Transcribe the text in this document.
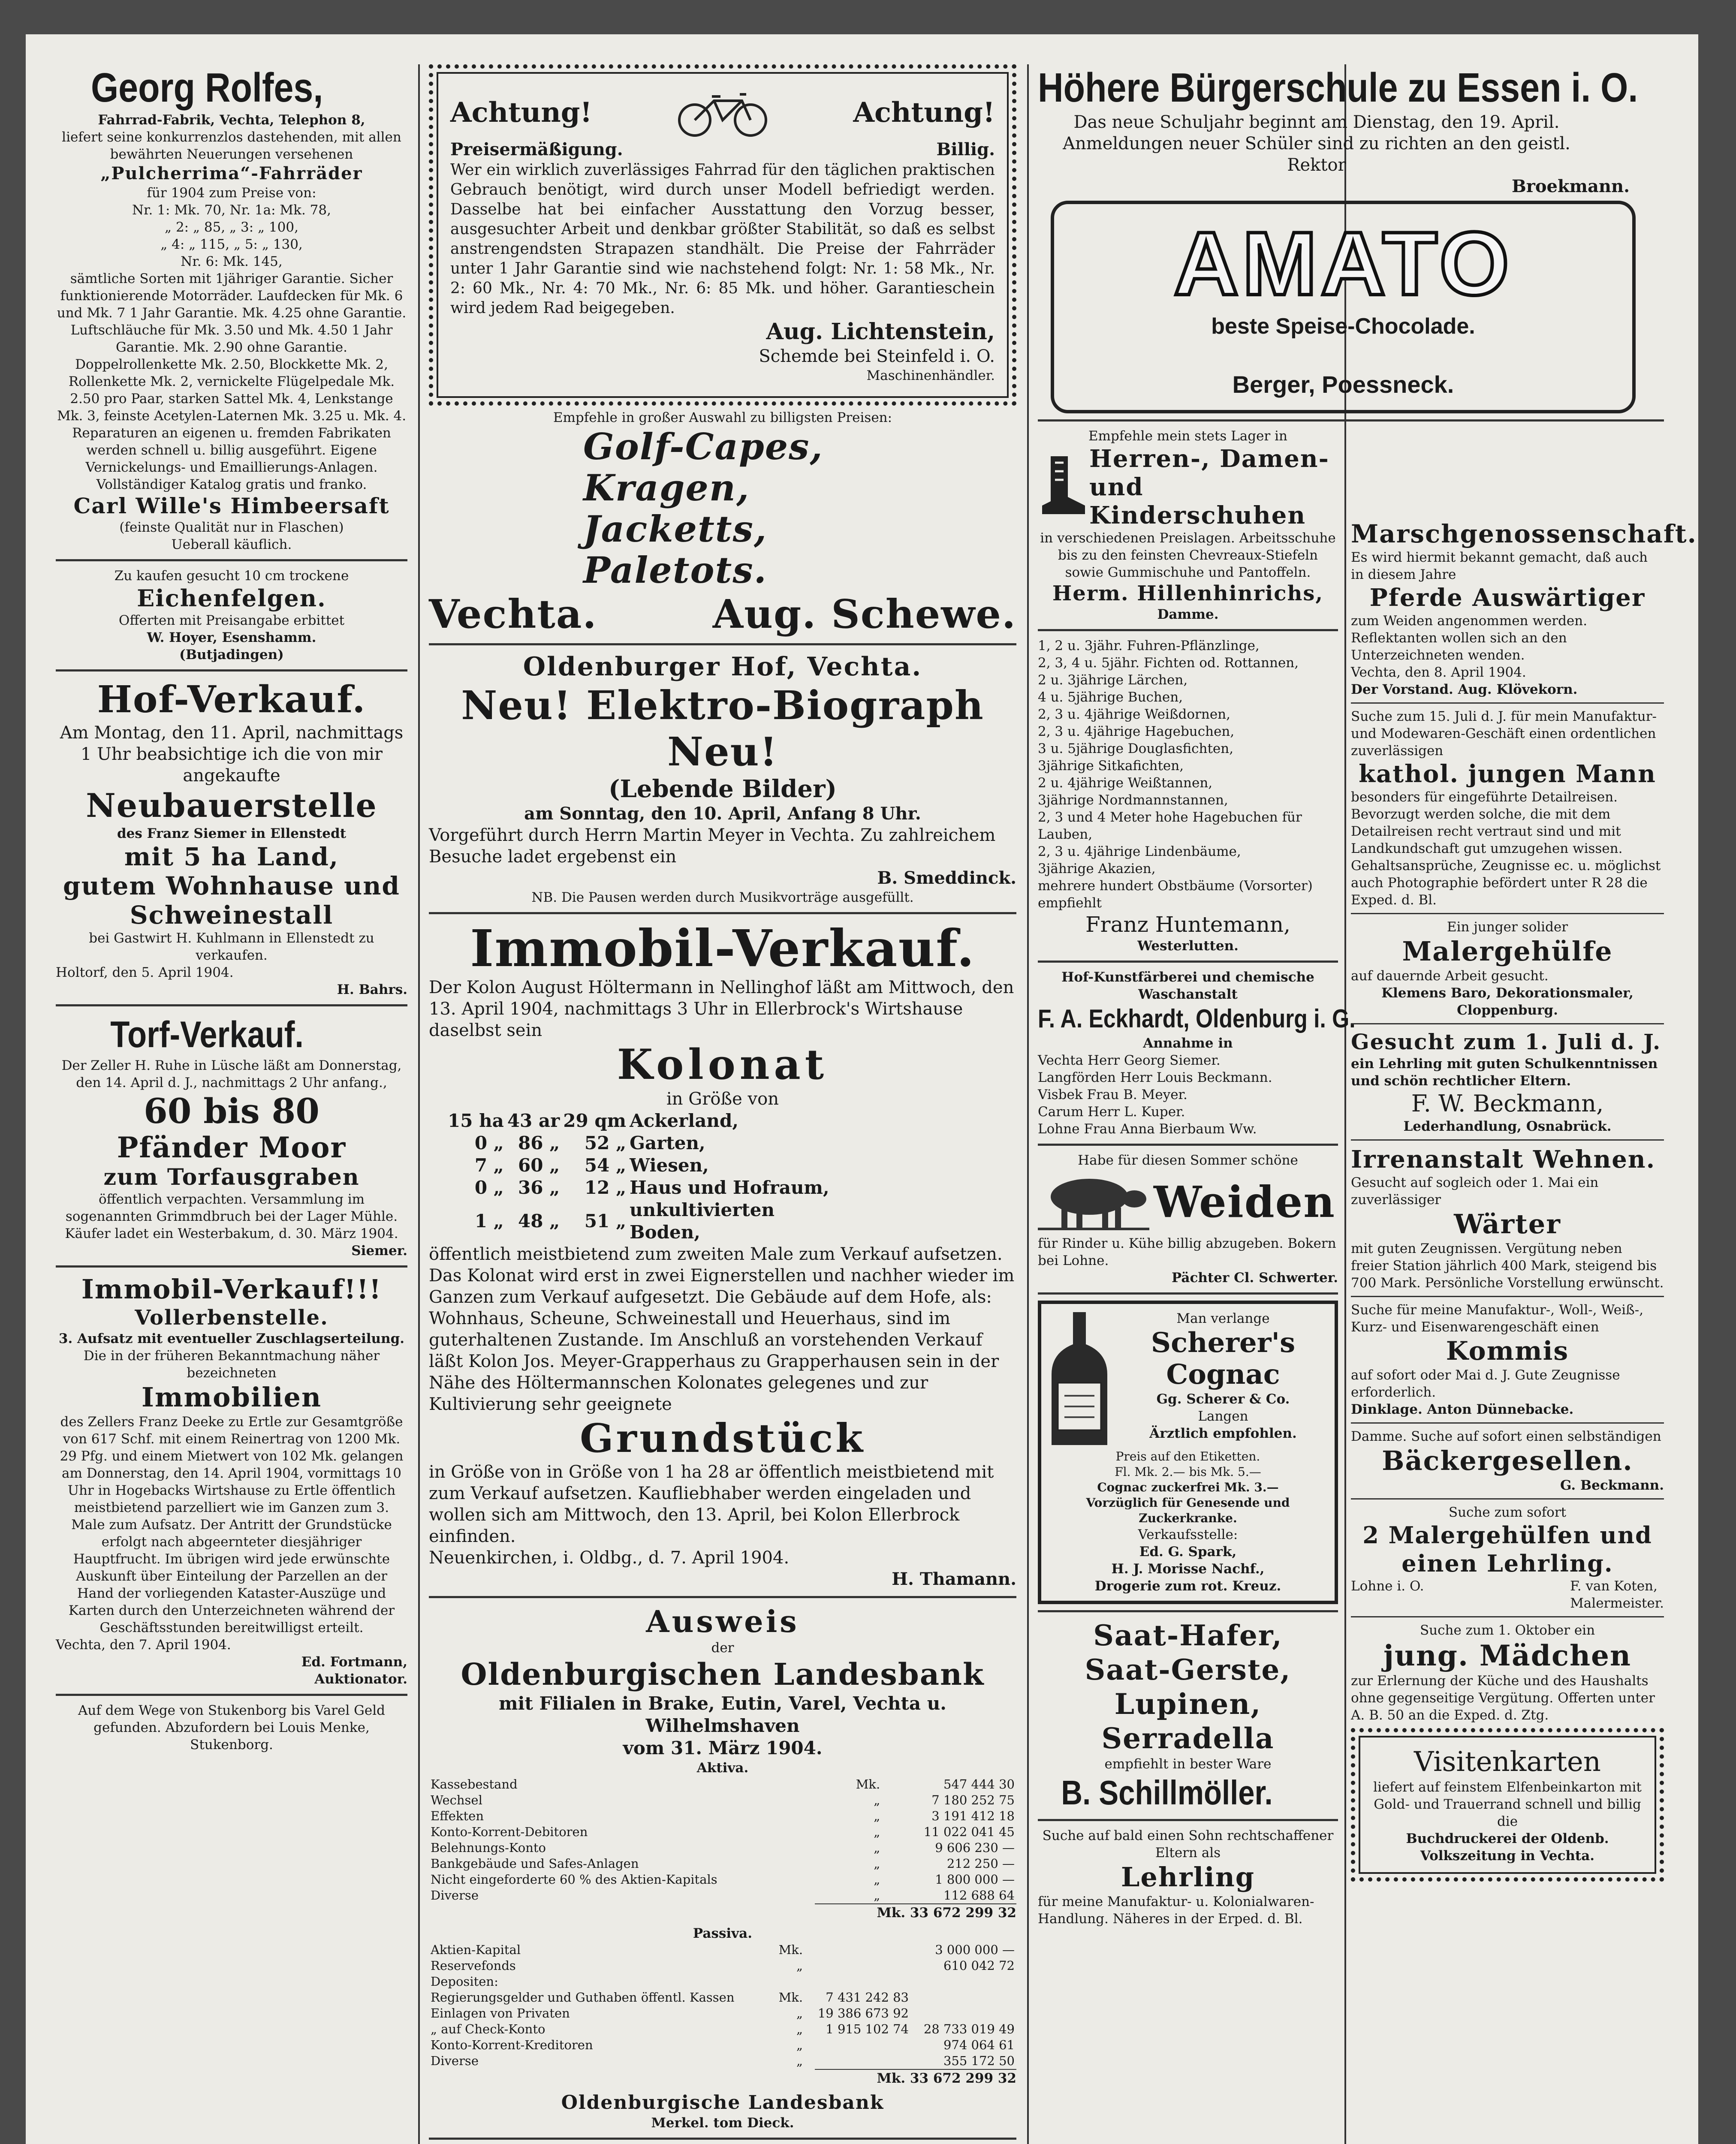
Georg Rolfes,
Fahrrad-Fabrik, Vechta, Telephon 8,
liefert seine konkurrenzlos dastehenden, mit allen bewährten Neuerungen versehenen
„Pulcherrima“-Fahrräder
für 1904 zum Preise von:
Nr. 1: Mk. 70, Nr. 1a: Mk. 78,
„ 2: „ 85, „ 3: „ 100,
„ 4: „ 115, „ 5: „ 130,
Nr. 6: Mk. 145,
sämtliche Sorten mit 1jähriger Garantie. Sicher funktionierende Motorräder. Laufdecken für Mk. 6 und Mk. 7 1 Jahr Garantie. Mk. 4.25 ohne Garantie. Luftschläuche für Mk. 3.50 und Mk. 4.50 1 Jahr Garantie. Mk. 2.90 ohne Garantie. Doppelrollenkette Mk. 2.50, Blockkette Mk. 2, Rollenkette Mk. 2, vernickelte Flügelpedale Mk. 2.50 pro Paar, starken Sattel Mk. 4, Lenkstange Mk. 3, feinste Acetylen-Laternen Mk. 3.25 u. Mk. 4.
Reparaturen an eigenen u. fremden Fabrikaten werden schnell u. billig ausgeführt. Eigene Vernickelungs- und Emaillierungs-Anlagen. Vollständiger Katalog gratis und franko.
Carl Wille's Himbeersaft
(feinste Qualität nur in Flaschen)
Ueberall käuflich.
Zu kaufen gesucht 10 cm trockene
Eichenfelgen.
Offerten mit Preisangabe erbittet
W. Hoyer, Esenshamm.
(Butjadingen)
Hof-Verkauf.
Am Montag, den 11. April, nachmittags 1 Uhr beabsichtige ich die von mir angekaufte
Neubauerstelle
des Franz Siemer in Ellenstedt
mit 5 ha Land,
gutem Wohnhause und
Schweinestall
bei Gastwirt H. Kuhlmann in Ellenstedt zu verkaufen.
Holtorf, den 5. April 1904.
H. Bahrs.
Torf-Verkauf.
Der Zeller H. Ruhe in Lüsche läßt am Donnerstag, den 14. April d. J., nachmittags 2 Uhr anfang.,
60 bis 80
Pfänder Moor
zum Torfausgraben
öffentlich verpachten. Versammlung im sogenannten Grimmdbruch bei der Lager Mühle. Käufer ladet ein Westerbakum, d. 30. März 1904.
Siemer.
Immobil-Verkauf!!!
Vollerbenstelle.
3. Aufsatz mit eventueller Zuschlagserteilung.
Die in der früheren Bekanntmachung näher bezeichneten
Immobilien
des Zellers Franz Deeke zu Ertle zur Gesamtgröße von 617 Schf. mit einem Reinertrag von 1200 Mk. 29 Pfg. und einem Mietwert von 102 Mk. gelangen am Donnerstag, den 14. April 1904, vormittags 10 Uhr in Hogebacks Wirtshause zu Ertle öffentlich meistbietend parzelliert wie im Ganzen zum 3. Male zum Aufsatz. Der Antritt der Grundstücke erfolgt nach abgeernteter diesjähriger Hauptfrucht. Im übrigen wird jede erwünschte Auskunft über Einteilung der Parzellen an der Hand der vorliegenden Kataster-Auszüge und Karten durch den Unterzeichneten während der Geschäftsstunden bereitwilligst erteilt.
Vechta, den 7. April 1904.
Ed. Fortmann,
Auktionator.
Auf dem Wege von Stukenborg bis Varel Geld gefunden. Abzufordern bei Louis Menke, Stukenborg.
Achtung!	Achtung!
Preisermäßigung.	Billig.
Wer ein wirklich zuverlässiges Fahrrad für den täglichen praktischen Gebrauch benötigt, wird durch unser Modell befriedigt werden. Dasselbe hat bei einfacher Ausstattung den Vorzug besser, ausgesuchter Arbeit und denkbar größter Stabilität, so daß es selbst anstrengendsten Strapazen standhält. Die Preise der Fahrräder unter 1 Jahr Garantie sind wie nachstehend folgt: Nr. 1: 58 Mk., Nr. 2: 60 Mk., Nr. 4: 70 Mk., Nr. 6: 85 Mk. und höher. Garantieschein wird jedem Rad beigegeben.
Aug. Lichtenstein,
Schemde bei Steinfeld i. O.
Maschinenhändler.
Empfehle in großer Auswahl zu billigsten Preisen:
Golf-Capes,
Kragen,
Jacketts,
Paletots.
Vechta.	Aug. Schewe.
Oldenburger Hof, Vechta.
Neu! Elektro-Biograph Neu!
(Lebende Bilder)
am Sonntag, den 10. April, Anfang 8 Uhr.
Vorgeführt durch Herrn Martin Meyer in Vechta. Zu zahlreichem Besuche ladet ergebenst ein
B. Smeddinck.
NB. Die Pausen werden durch Musikvorträge ausgefüllt.
Immobil-Verkauf.
Der Kolon August Höltermann in Nellinghof läßt am Mittwoch, den 13. April 1904, nachmittags 3 Uhr in Ellerbrock's Wirtshause daselbst sein
Kolonat
in Größe von
15 ha	43 ar	29 qm	Ackerland,
0 „	86 „	52 „	Garten,
7 „	60 „	54 „	Wiesen,
0 „	36 „	12 „	Haus und Hofraum,
1 „	48 „	51 „	unkultivierten Boden,
öffentlich meistbietend zum zweiten Male zum Verkauf aufsetzen. Das Kolonat wird erst in zwei Eignerstellen und nachher wieder im Ganzen zum Verkauf aufgesetzt. Die Gebäude auf dem Hofe, als: Wohnhaus, Scheune, Schweinestall und Heuerhaus, sind im guterhaltenen Zustande. Im Anschluß an vorstehenden Verkauf läßt Kolon Jos. Meyer-Grapperhaus zu Grapperhausen sein in der Nähe des Höltermannschen Kolonates gelegenes und zur Kultivierung sehr geeignete
Grundstück
in Größe von in Größe von 1 ha 28 ar öffentlich meistbietend mit zum Verkauf aufsetzen. Kaufliebhaber werden eingeladen und wollen sich am Mittwoch, den 13. April, bei Kolon Ellerbrock einfinden.
Neuenkirchen, i. Oldbg., d. 7. April 1904.
H. Thamann.
Ausweis
der
Oldenburgischen Landesbank
mit Filialen in Brake, Eutin, Varel, Vechta u. Wilhelmshaven
vom 31. März 1904.
Aktiva.
Kassebestand	Mk.	547 444 30
Wechsel	„	7 180 252 75
Effekten	„	3 191 412 18
Konto-Korrent-Debitoren	„	11 022 041 45
Belehnungs-Konto	„	9 606 230 —
Bankgebäude und Safes-Anlagen	„	212 250 —
Nicht eingeforderte 60 % des Aktien-Kapitals	„	1 800 000 —
Diverse	„	112 688 64
Mk. 33 672 299 32
Passiva.
Aktien-Kapital	Mk.		3 000 000 —
Reservefonds	„		610 042 72
Depositen:			
Regierungsgelder und Guthaben öffentl. Kassen	Mk.	7 431 242 83	
Einlagen von Privaten	„	19 386 673 92	
„ auf Check-Konto	„	1 915 102 74	28 733 019 49
Konto-Korrent-Kreditoren	„		974 064 61
Diverse	„		355 172 50
Mk. 33 672 299 32
Oldenburgische Landesbank
Merkel. tom Dieck.
Höhere Bürgerschule zu Essen i. O.
Das neue Schuljahr beginnt am Dienstag, den 19. April. Anmeldungen neuer Schüler sind zu richten an den geistl. Rektor
Broekmann.
AMATO
beste Speise-Chocolade.
Berger, Poessneck.
Empfehle mein stets Lager in
Herren-, Damen-
und Kinderschuhen
in verschiedenen Preislagen. Arbeitsschuhe bis zu den feinsten Chevreaux-Stiefeln sowie Gummischuhe und Pantoffeln.
Herm. Hillenhinrichs,
Damme.
1, 2 u. 3jähr. Fuhren-Pflänzlinge,
2, 3, 4 u. 5jähr. Fichten od. Rottannen,
2 u. 3jährige Lärchen,
4 u. 5jährige Buchen,
2, 3 u. 4jährige Weißdornen,
2, 3 u. 4jährige Hagebuchen,
3 u. 5jährige Douglasfichten,
3jährige Sitkafichten,
2 u. 4jährige Weißtannen,
3jährige Nordmannstannen,
2, 3 und 4 Meter hohe Hagebuchen für Lauben,
2, 3 u. 4jährige Lindenbäume,
3jährige Akazien,
mehrere hundert Obstbäume (Vorsorter)
empfiehlt
Franz Huntemann,
Westerlutten.
Hof-Kunstfärberei und chemische Waschanstalt
F. A. Eckhardt, Oldenburg i. G.
Annahme in
Vechta Herr Georg Siemer.
Langförden Herr Louis Beckmann.
Visbek Frau B. Meyer.
Carum Herr L. Kuper.
Lohne Frau Anna Bierbaum Ww.
Habe für diesen Sommer schöne
Weiden
für Rinder u. Kühe billig abzugeben. Bokern bei Lohne.
Pächter Cl. Schwerter.
Man verlange
Scherer's Cognac
Gg. Scherer & Co.
Langen
Ärztlich empfohlen.
Preis auf den Etiketten.
Fl. Mk. 2.— bis Mk. 5.—
Cognac zuckerfrei Mk. 3.—
Vorzüglich für Genesende und Zuckerkranke.
Verkaufsstelle:
Ed. G. Spark,
H. J. Morisse Nachf.,
Drogerie zum rot. Kreuz.
Saat-Hafer,
Saat-Gerste,
Lupinen,
Serradella
empfiehlt in bester Ware
B. Schillmöller.
Suche auf bald einen Sohn rechtschaffener Eltern als
Lehrling
für meine Manufaktur- u. Kolonialwaren-Handlung. Näheres in der Erped. d. Bl.
Marschgenossenschaft.
Es wird hiermit bekannt gemacht, daß auch in diesem Jahre
Pferde Auswärtiger
zum Weiden angenommen werden. Reflektanten wollen sich an den Unterzeichneten wenden.
Vechta, den 8. April 1904.
Der Vorstand. Aug. Klövekorn.
Suche zum 15. Juli d. J. für mein Manufaktur- und Modewaren-Geschäft einen ordentlichen zuverlässigen
kathol. jungen Mann
besonders für eingeführte Detailreisen. Bevorzugt werden solche, die mit dem Detailreisen recht vertraut sind und mit Landkundschaft gut umzugehen wissen. Gehaltsansprüche, Zeugnisse ec. u. möglichst auch Photographie befördert unter R 28 die Exped. d. Bl.
Ein junger solider
Malergehülfe
auf dauernde Arbeit gesucht.
Klemens Baro, Dekorationsmaler,
Cloppenburg.
Gesucht zum 1. Juli d. J.
ein Lehrling mit guten Schulkenntnissen und schön rechtlicher Eltern.
F. W. Beckmann,
Lederhandlung, Osnabrück.
Irrenanstalt Wehnen.
Gesucht auf sogleich oder 1. Mai ein zuverlässiger
Wärter
mit guten Zeugnissen. Vergütung neben freier Station jährlich 400 Mark, steigend bis 700 Mark. Persönliche Vorstellung erwünscht.
Suche für meine Manufaktur-, Woll-, Weiß-, Kurz- und Eisenwarengeschäft einen
Kommis
auf sofort oder Mai d. J. Gute Zeugnisse erforderlich.
Dinklage. Anton Dünnebacke.
Damme. Suche auf sofort einen selbständigen
Bäckergesellen.
G. Beckmann.
Suche zum sofort
2 Malergehülfen und einen Lehrling.
Lohne i. O.	F. van Koten,
Malermeister.
Suche zum 1. Oktober ein
jung. Mädchen
zur Erlernung der Küche und des Haushalts ohne gegenseitige Vergütung. Offerten unter A. B. 50 an die Exped. d. Ztg.
Visitenkarten
liefert auf feinstem Elfenbeinkarton mit Gold- und Trauerrand schnell und billig die
Buchdruckerei der Oldenb. Volkszeitung in Vechta.
